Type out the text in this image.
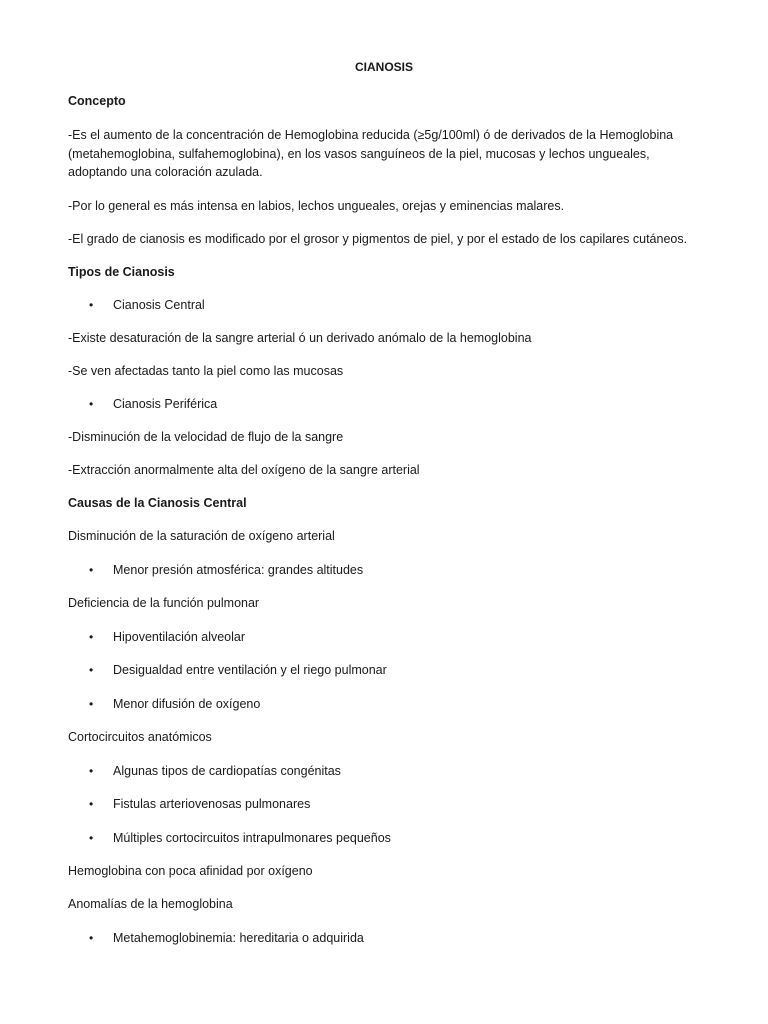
CIANOSIS
Concepto
-Es el aumento de la concentración de Hemoglobina reducida (≥5g/100ml) ó de derivados de la Hemoglobina (metahemoglobina, sulfahemoglobina), en los vasos sanguíneos de la piel, mucosas y lechos ungueales, adoptando una coloración azulada.
-Por lo general es más intensa en labios, lechos ungueales, orejas y eminencias malares.
-El grado de cianosis es modificado por el grosor y pigmentos de piel, y por el estado de los capilares cutáneos.
Tipos de Cianosis
• Cianosis Central
-Existe desaturación de la sangre arterial ó un derivado anómalo de la hemoglobina
-Se ven afectadas tanto la piel como las mucosas
• Cianosis Periférica
-Disminución de la velocidad de flujo de la sangre
-Extracción anormalmente alta del oxígeno de la sangre arterial
Causas de la Cianosis Central
Disminución de la saturación de oxígeno arterial
• Menor presión atmosférica: grandes altitudes
Deficiencia de la función pulmonar
• Hipoventilación alveolar
• Desigualdad entre ventilación y el riego pulmonar
• Menor difusión de oxígeno
Cortocircuitos anatómicos
• Algunas tipos de cardiopatías congénitas
• Fistulas arteriovenosas pulmonares
• Múltiples cortocircuitos intrapulmonares pequeños
Hemoglobina con poca afinidad por oxígeno
Anomalías de la hemoglobina
• Metahemoglobinemia: hereditaria o adquirida
